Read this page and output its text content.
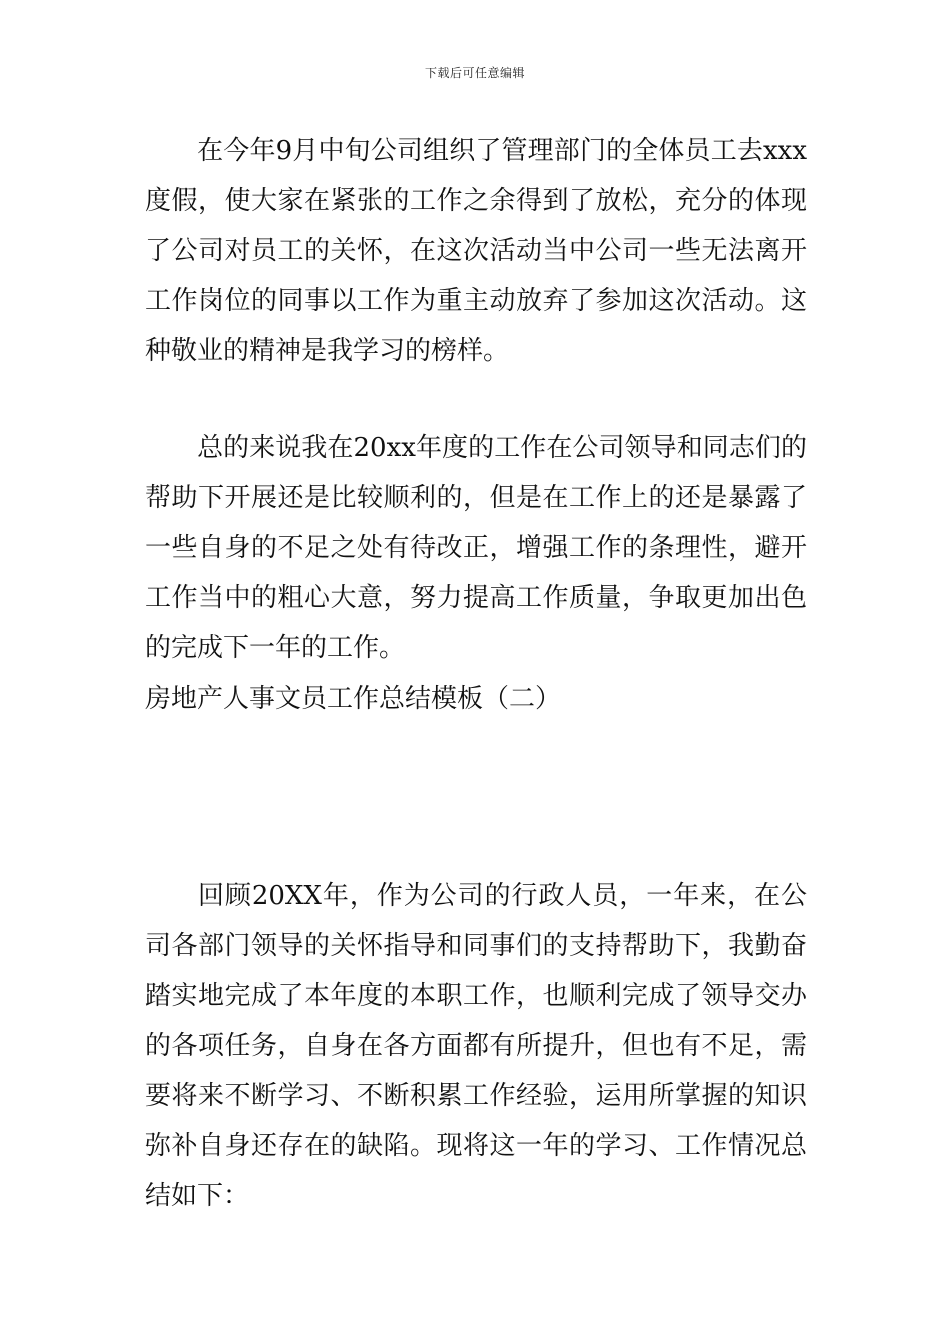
下载后可任意编辑

在今年9月中旬公司组织了管理部门的全体员工去xxx度假，使大家在紧张的工作之余得到了放松，充分的体现了公司对员工的关怀，在这次活动当中公司一些无法离开工作岗位的同事以工作为重主动放弃了参加这次活动。这种敬业的精神是我学习的榜样。

总的来说我在20xx年度的工作在公司领导和同志们的帮助下开展还是比较顺利的，但是在工作上的还是暴露了一些自身的不足之处有待改正，增强工作的条理性，避开工作当中的粗心大意，努力提高工作质量，争取更加出色的完成下一年的工作。

房地产人事文员工作总结模板（二）

回顾20XX年，作为公司的行政人员，一年来，在公司各部门领导的关怀指导和同事们的支持帮助下，我勤奋踏实地完成了本年度的本职工作，也顺利完成了领导交办的各项任务，自身在各方面都有所提升，但也有不足，需要将来不断学习、不断积累工作经验，运用所掌握的知识弥补自身还存在的缺陷。现将这一年的学习、工作情况总结如下：
